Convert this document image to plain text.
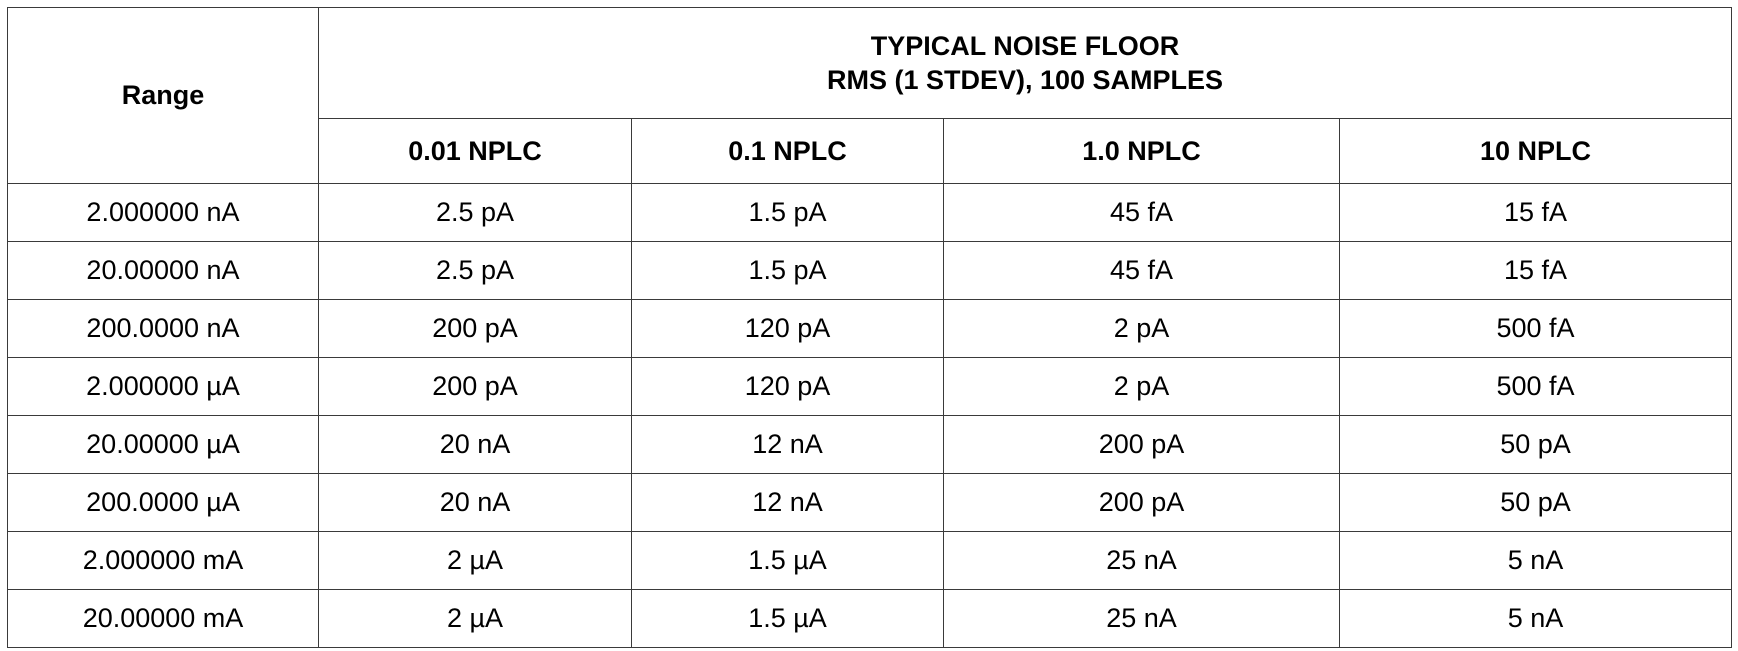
Range	TYPICAL NOISE FLOOR
RMS (1 STDEV), 100 SAMPLES			

	0.01 NPLC	0.1 NPLC	1.0 NPLC	10 NPLC
2.000000 nA	2.5 pA	1.5 pA	45 fA	15 fA
20.00000 nA	2.5 pA	1.5 pA	45 fA	15 fA
200.0000 nA	200 pA	120 pA	2 pA	500 fA
2.000000 µA	200 pA	120 pA	2 pA	500 fA
20.00000 µA	20 nA	12 nA	200 pA	50 pA
200.0000 µA	20 nA	12 nA	200 pA	50 pA
2.000000 mA	2 µA	1.5 µA	25 nA	5 nA
20.00000 mA	2 µA	1.5 µA	25 nA	5 nA
